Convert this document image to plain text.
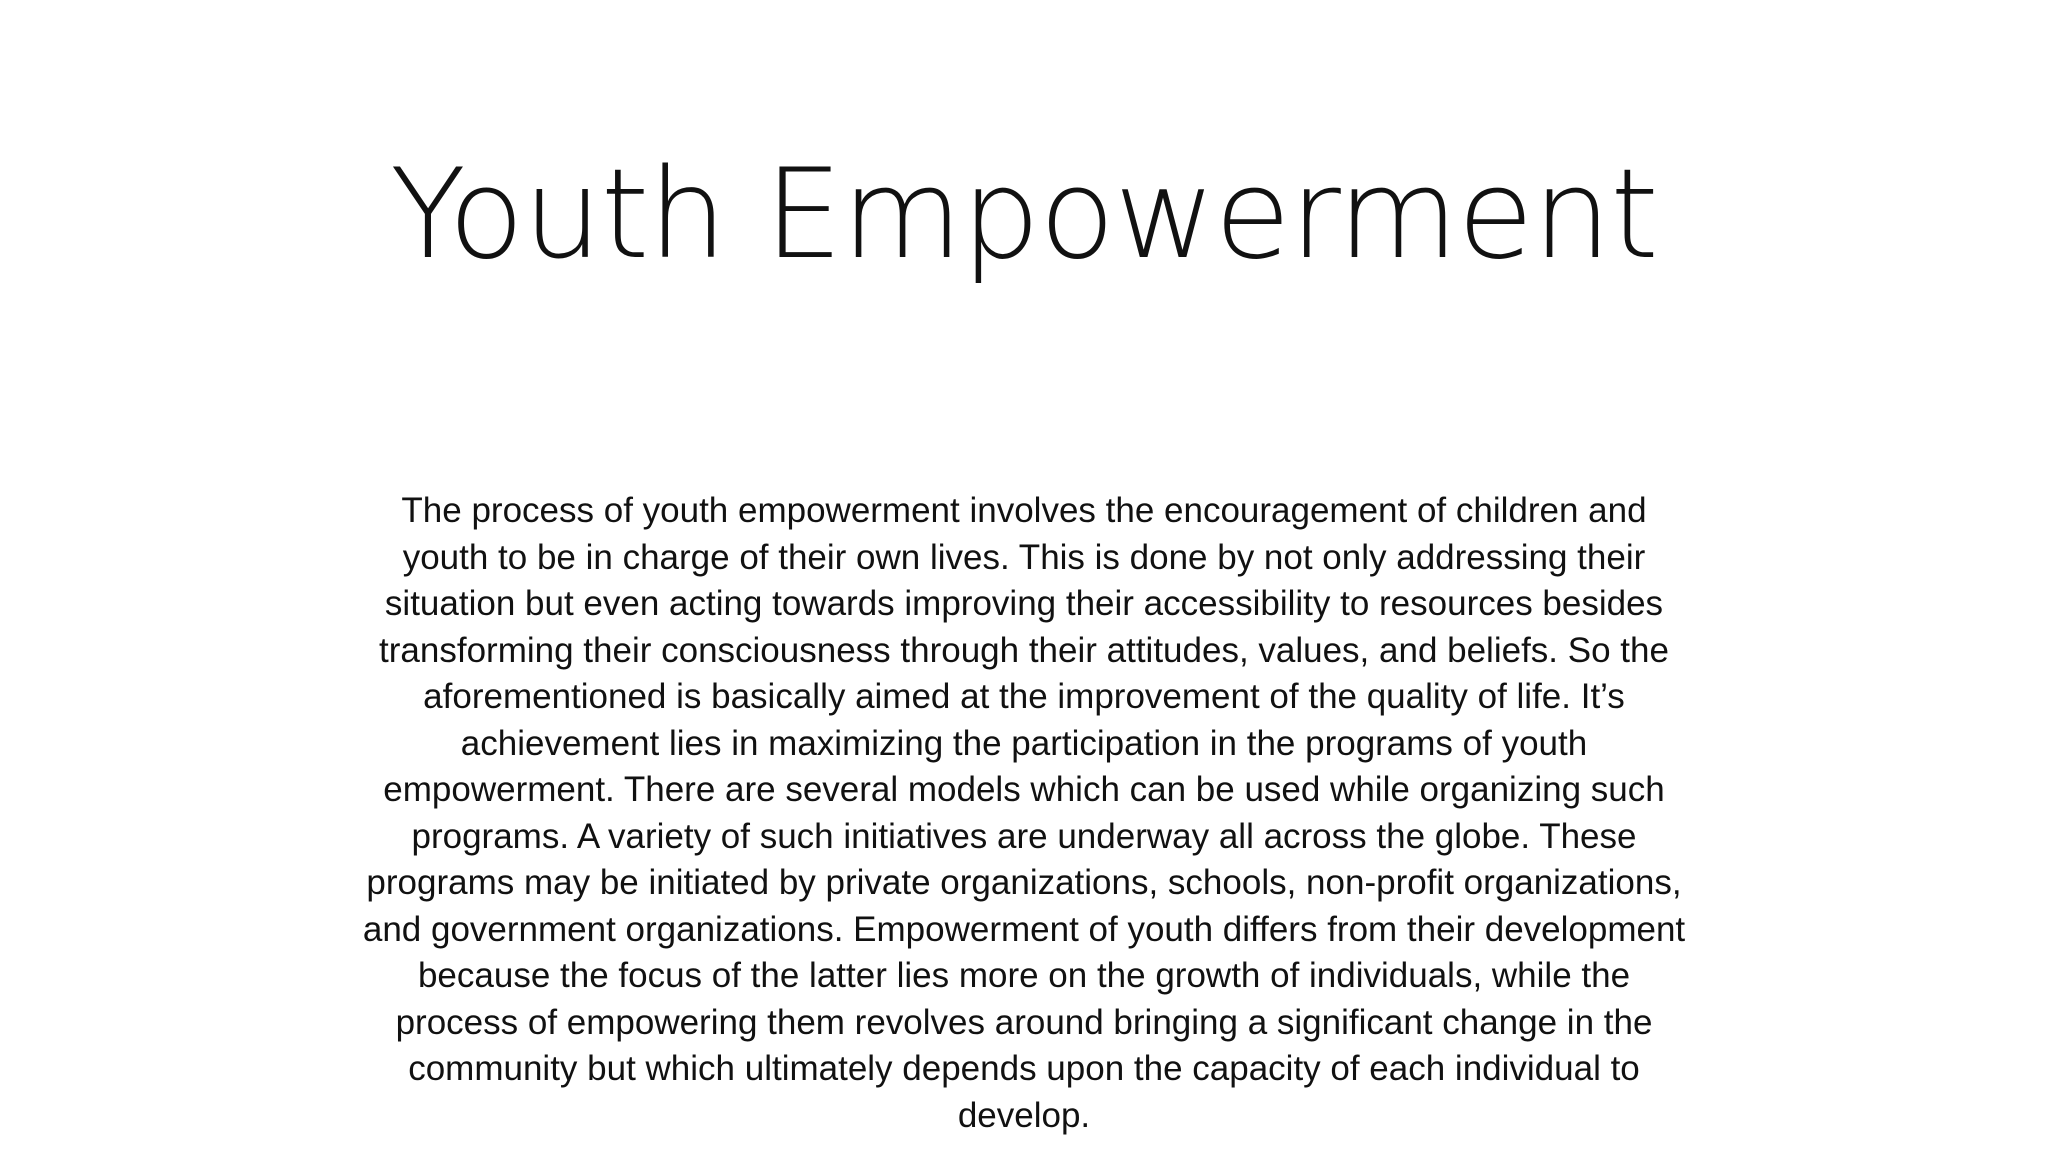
Youth Empowerment
The process of youth empowerment involves the encouragement of children and
youth to be in charge of their own lives. This is done by not only addressing their
situation but even acting towards improving their accessibility to resources besides
transforming their consciousness through their attitudes, values, and beliefs. So the
aforementioned is basically aimed at the improvement of the quality of life. It’s
achievement lies in maximizing the participation in the programs of youth
empowerment. There are several models which can be used while organizing such
programs. A variety of such initiatives are underway all across the globe. These
programs may be initiated by private organizations, schools, non-profit organizations,
and government organizations. Empowerment of youth differs from their development
because the focus of the latter lies more on the growth of individuals, while the
process of empowering them revolves around bringing a significant change in the
community but which ultimately depends upon the capacity of each individual to
develop.
